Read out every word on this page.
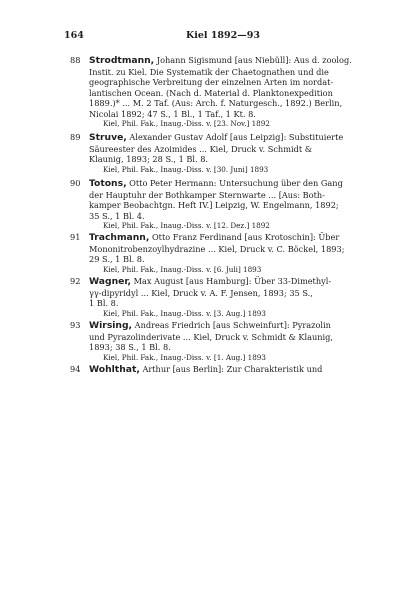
164	Kiel 1892—93
88 Strodtmann, Johann Sigismund [aus Niebüll]: Aus d. zoolog.
Instit. zu Kiel. Die Systematik der Chaetognathen und die
geographische Verbreitung der einzelnen Arten im nordat-
lantischen Ocean. (Nach d. Material d. Planktonexpedition
1889.)* ... M. 2 Taf. (Aus: Arch. f. Naturgesch., 1892.) Berlin,
Nicolai 1892; 47 S., 1 Bl., 1 Taf., 1 Kt. 8.
Kiel, Phil. Fak., Inaug.-Diss. v. [23. Nov.] 1892
89 Struve, Alexander Gustav Adolf [aus Leipzig]: Substituierte
Säureester des Azoimides ... Kiel, Druck v. Schmidt &
Klaunig, 1893; 28 S., 1 Bl. 8.
Kiel, Phil. Fak., Inaug.-Diss. v. [30. Juni] 1893
90 Totons, Otto Peter Hermann: Untersuchung über den Gang
der Hauptuhr der Bothkamper Sternwarte ... [Aus: Both-
kamper Beobachtgn. Heft IV.] Leipzig, W. Engelmann, 1892;
35 S., 1 Bl. 4.
Kiel, Phil. Fak., Inaug.-Diss. v. [12. Dez.] 1892
91 Trachmann, Otto Franz Ferdinand [aus Krotoschin]: Über
Mononitrobenzoylhydrazine ... Kiel, Druck v. C. Böckel, 1893;
29 S., 1 Bl. 8.
Kiel, Phil. Fak., Inaug.-Diss. v. [6. Juli] 1893
92 Wagner, Max August [aus Hamburg]: Über 33-Dimethyl-
γγ-dipyridyl ... Kiel, Druck v. A. F. Jensen, 1893; 35 S.,
1 Bl. 8.
Kiel, Phil. Fak., Inaug.-Diss. v. [3. Aug.] 1893
93 Wirsing, Andreas Friedrich [aus Schweinfurt]: Pyrazolin
und Pyrazolinderivate ... Kiel, Druck v. Schmidt & Klaunig,
1893; 38 S., 1 Bl. 8.
Kiel, Phil. Fak., Inaug.-Diss. v. [1. Aug.] 1893
94 Wohlthat, Arthur [aus Berlin]: Zur Charakteristik und
